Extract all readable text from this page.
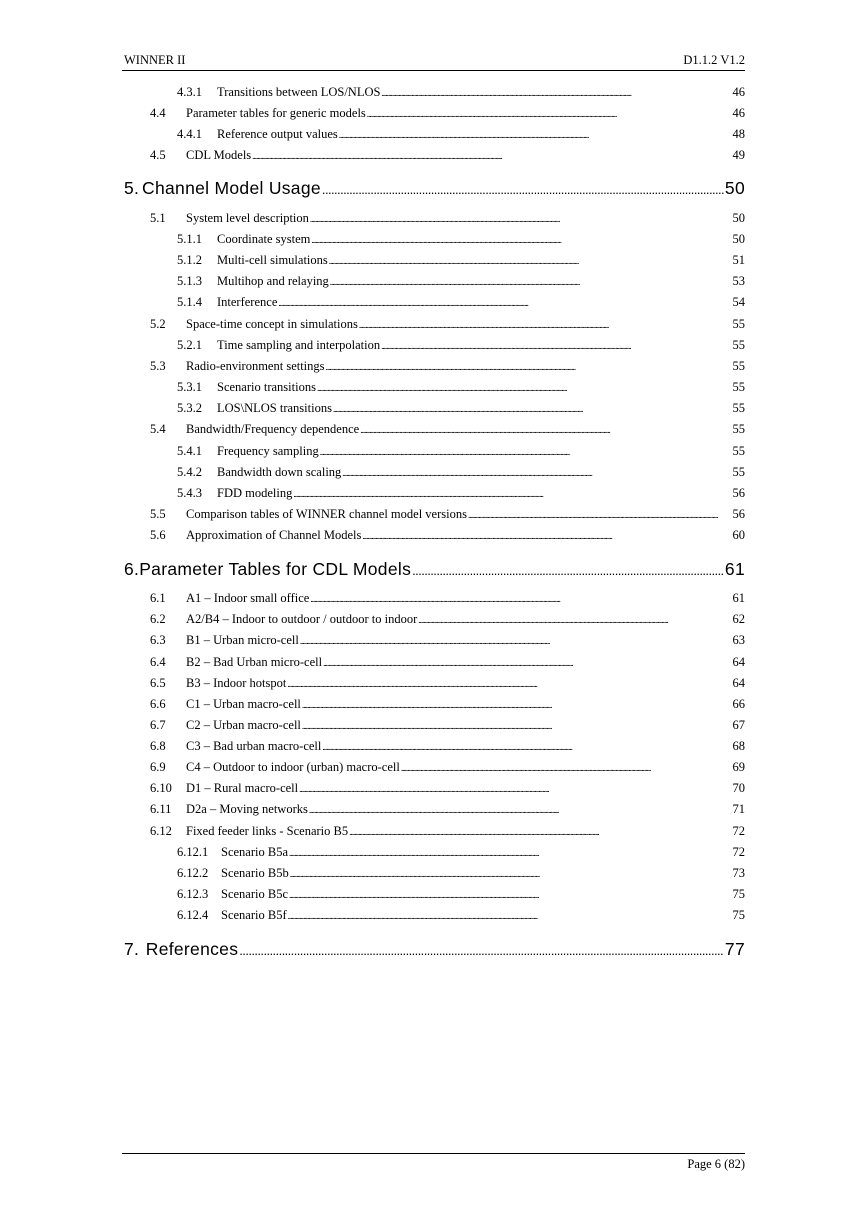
WINNER II	D1.1.2 V1.2
4.3.1	Transitions between LOS/NLOS . . .	46
4.4	Parameter tables for generic models . . .	46
4.4.1	Reference output values . . .	48
4.5	CDL Models . . .	49
5. Channel Model Usage . . .	50
5.1	System level description . . .	50
5.1.1	Coordinate system . . .	50
5.1.2	Multi-cell simulations . . .	51
5.1.3	Multihop and relaying . . .	53
5.1.4	Interference . . .	54
5.2	Space-time concept in simulations . . .	55
5.2.1	Time sampling and interpolation . . .	55
5.3	Radio-environment settings . . .	55
5.3.1	Scenario transitions . . .	55
5.3.2	LOS\NLOS transitions . . .	55
5.4	Bandwidth/Frequency dependence . . .	55
5.4.1	Frequency sampling . . .	55
5.4.2	Bandwidth down scaling . . .	55
5.4.3	FDD modeling . . .	56
5.5	Comparison tables of WINNER channel model versions . . .	56
5.6	Approximation of Channel Models . . .	60
6. Parameter Tables for CDL Models . . .	61
6.1	A1 – Indoor small office . . .	61
6.2	A2/B4 – Indoor to outdoor / outdoor to indoor . . .	62
6.3	B1 – Urban micro-cell . . .	63
6.4	B2 – Bad Urban micro-cell . . .	64
6.5	B3 – Indoor hotspot . . .	64
6.6	C1 – Urban macro-cell . . .	66
6.7	C2 – Urban macro-cell . . .	67
6.8	C3 – Bad urban macro-cell . . .	68
6.9	C4 – Outdoor to indoor (urban) macro-cell . . .	69
6.10	D1 – Rural macro-cell . . .	70
6.11	D2a – Moving networks . . .	71
6.12	Fixed feeder links - Scenario B5 . . .	72
6.12.1	Scenario B5a . . .	72
6.12.2	Scenario B5b . . .	73
6.12.3	Scenario B5c . . .	75
6.12.4	Scenario B5f . . .	75
7. References . . .	77
Page 6 (82)
